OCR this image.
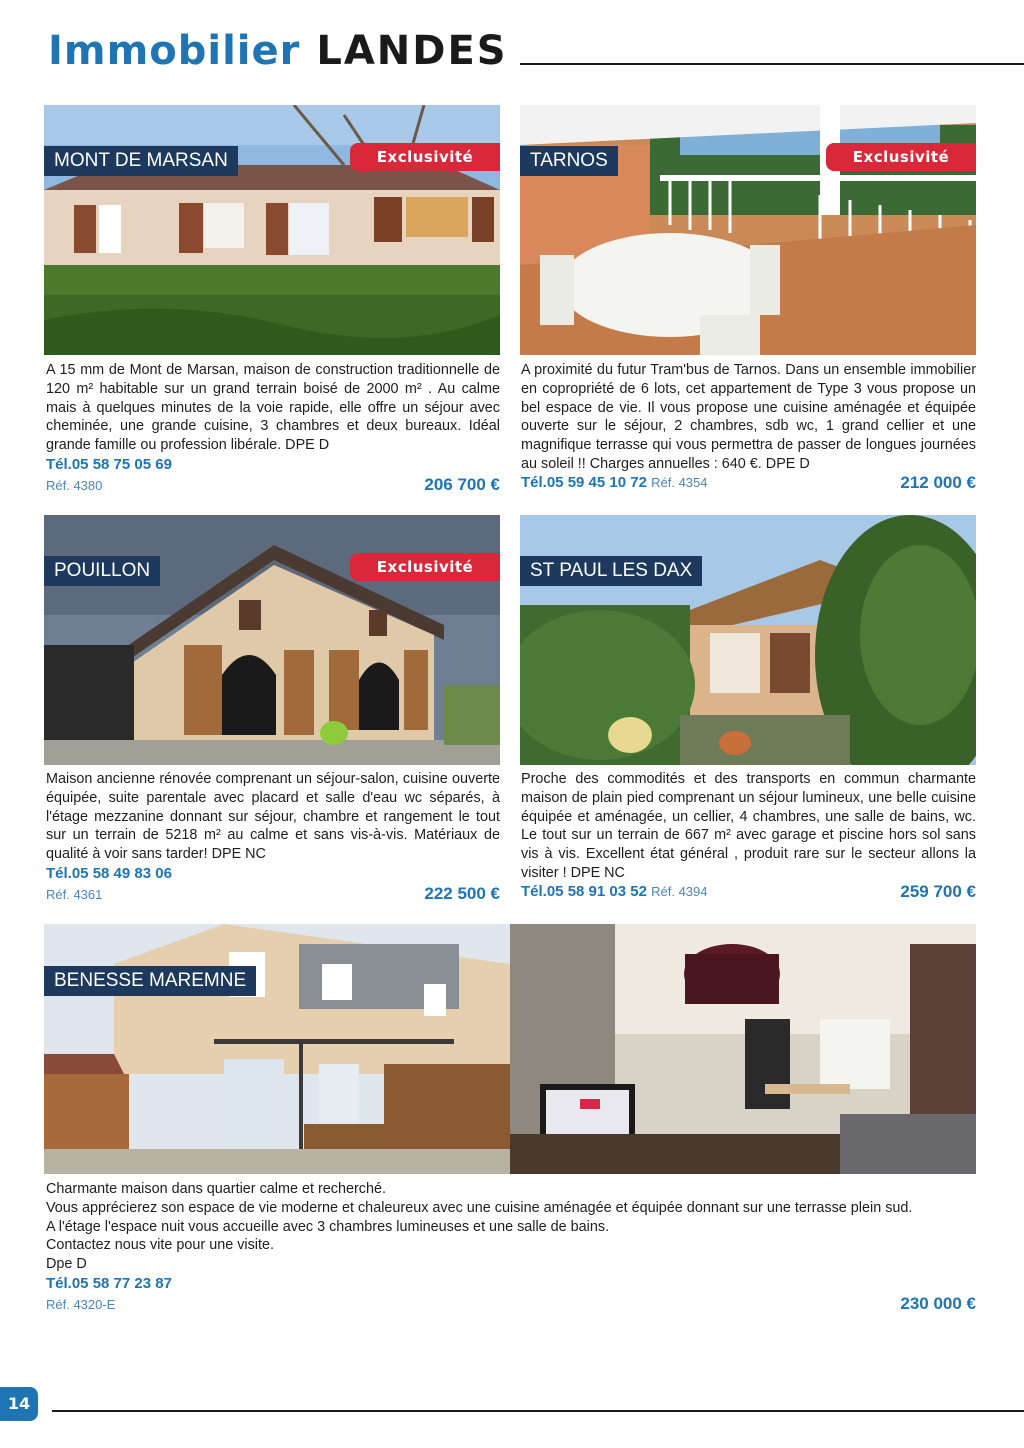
Immobilier LANDES
MONT DE MARSAN	Exclusivité
A 15 mm de Mont de Marsan, maison de construction traditionnelle de 120 m² habitable sur un grand terrain boisé de 2000 m² . Au calme mais à quelques minutes de la voie rapide, elle offre un séjour avec cheminée, une grande cuisine, 3 chambres et deux bureaux. Idéal grande famille ou profession libérale. DPE D
Tél.05 58 75 05 69
Réf. 4380	206 700 €
TARNOS	Exclusivité
A proximité du futur Tram'bus de Tarnos. Dans un ensemble immobilier en copropriété de 6 lots, cet appartement de Type 3 vous propose un bel espace de vie. Il vous propose une cuisine aménagée et équipée ouverte sur le séjour, 2 chambres, sdb wc, 1 grand cellier et une magnifique terrasse qui vous permettra de passer de longues journées au soleil !! Charges annuelles : 640 €. DPE D
Tél.05 59 45 10 72 Réf. 4354	212 000 €
POUILLON	Exclusivité
Maison ancienne rénovée comprenant un séjour-salon, cuisine ouverte équipée, suite parentale avec placard et salle d'eau wc séparés, à l'étage mezzanine donnant sur séjour, chambre et rangement le tout sur un terrain de 5218 m² au calme et sans vis-à-vis. Matériaux de qualité à voir sans tarder! DPE NC
Tél.05 58 49 83 06
Réf. 4361	222 500 €
ST PAUL LES DAX
Proche des commodités et des transports en commun charmante maison de plain pied comprenant un séjour lumineux, une belle cuisine équipée et aménagée, un cellier, 4 chambres, une salle de bains, wc. Le tout sur un terrain de 667 m² avec garage et piscine hors sol sans vis à vis. Excellent état général , produit rare sur le secteur allons la visiter ! DPE NC
Tél.05 58 91 03 52 Réf. 4394	259 700 €
BENESSE MAREMNE
Charmante maison dans quartier calme et recherché.
Vous apprécierez son espace de vie moderne et chaleureux avec une cuisine aménagée et équipée donnant sur une terrasse plein sud.
A l'étage l'espace nuit vous accueille avec 3 chambres lumineuses et une salle de bains.
Contactez nous vite pour une visite.
Dpe D
Tél.05 58 77 23 87
Réf. 4320-E	230 000 €
14
